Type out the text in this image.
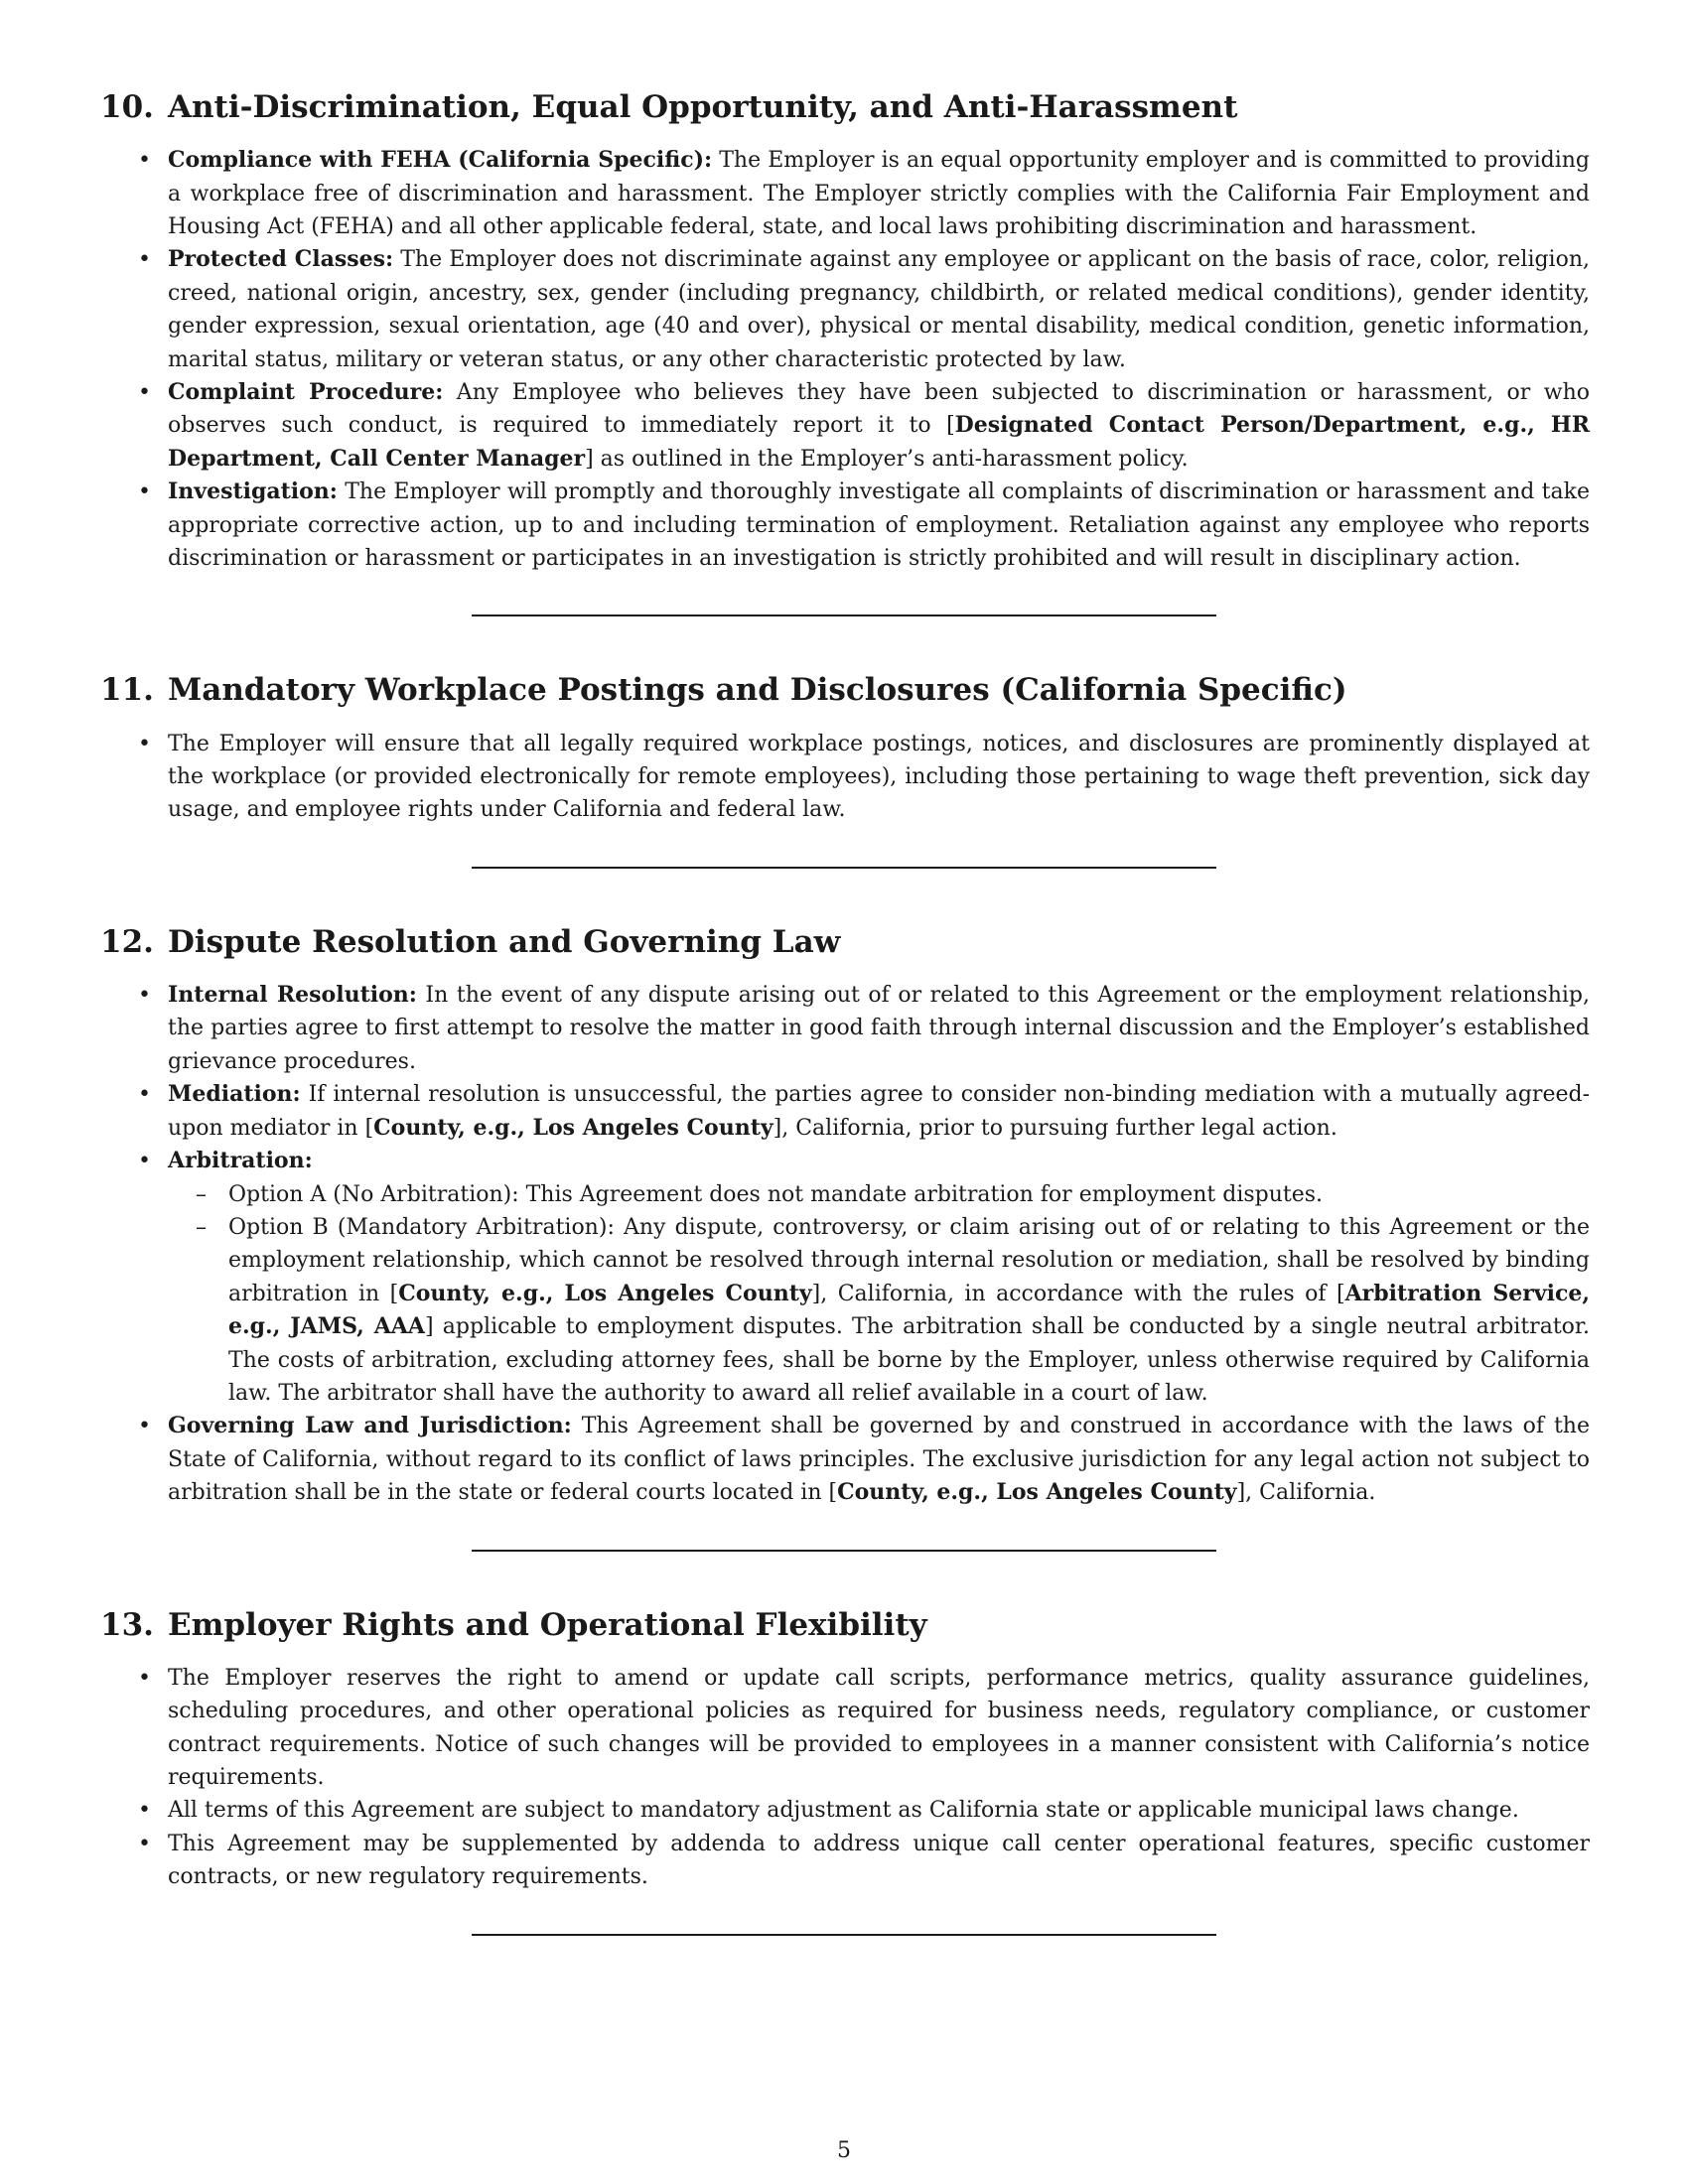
10. Anti-Discrimination, Equal Opportunity, and Anti-Harassment
• Compliance with FEHA (California Specific): The Employer is an equal opportunity employer and is committed to providing a workplace free of discrimination and harassment. The Employer strictly complies with the California Fair Employment and Housing Act (FEHA) and all other applicable federal, state, and local laws prohibiting discrimination and harassment.
• Protected Classes: The Employer does not discriminate against any employee or applicant on the basis of race, color, religion, creed, national origin, ancestry, sex, gender (including pregnancy, childbirth, or related medical conditions), gender identity, gender expression, sexual orientation, age (40 and over), physical or mental disability, medical condition, genetic information, marital status, military or veteran status, or any other characteristic protected by law.
• Complaint Procedure: Any Employee who believes they have been subjected to discrimination or harassment, or who observes such conduct, is required to immediately report it to [Designated Contact Person/Department, e.g., HR Department, Call Center Manager] as outlined in the Employer’s anti-harassment policy.
• Investigation: The Employer will promptly and thoroughly investigate all complaints of discrimination or harassment and take appropriate corrective action, up to and including termination of employment. Retaliation against any employee who reports discrimination or harassment or participates in an investigation is strictly prohibited and will result in disciplinary action.
11. Mandatory Workplace Postings and Disclosures (California Specific)
• The Employer will ensure that all legally required workplace postings, notices, and disclosures are prominently displayed at the workplace (or provided electronically for remote employees), including those pertaining to wage theft prevention, sick day usage, and employee rights under California and federal law.
12. Dispute Resolution and Governing Law
• Internal Resolution: In the event of any dispute arising out of or related to this Agreement or the employment relationship, the parties agree to first attempt to resolve the matter in good faith through internal discussion and the Employer’s established grievance procedures.
• Mediation: If internal resolution is unsuccessful, the parties agree to consider non-binding mediation with a mutually agreed-upon mediator in [County, e.g., Los Angeles County], California, prior to pursuing further legal action.
• Arbitration:
– Option A (No Arbitration): This Agreement does not mandate arbitration for employment disputes.
– Option B (Mandatory Arbitration): Any dispute, controversy, or claim arising out of or relating to this Agreement or the employment relationship, which cannot be resolved through internal resolution or mediation, shall be resolved by binding arbitration in [County, e.g., Los Angeles County], California, in accordance with the rules of [Arbitration Service, e.g., JAMS, AAA] applicable to employment disputes. The arbitration shall be conducted by a single neutral arbitrator. The costs of arbitration, excluding attorney fees, shall be borne by the Employer, unless otherwise required by California law. The arbitrator shall have the authority to award all relief available in a court of law.
• Governing Law and Jurisdiction: This Agreement shall be governed by and construed in accordance with the laws of the State of California, without regard to its conflict of laws principles. The exclusive jurisdiction for any legal action not subject to arbitration shall be in the state or federal courts located in [County, e.g., Los Angeles County], California.
13. Employer Rights and Operational Flexibility
• The Employer reserves the right to amend or update call scripts, performance metrics, quality assurance guidelines, scheduling procedures, and other operational policies as required for business needs, regulatory compliance, or customer contract requirements. Notice of such changes will be provided to employees in a manner consistent with California’s notice requirements.
• All terms of this Agreement are subject to mandatory adjustment as California state or applicable municipal laws change.
• This Agreement may be supplemented by addenda to address unique call center operational features, specific customer contracts, or new regulatory requirements.
5
